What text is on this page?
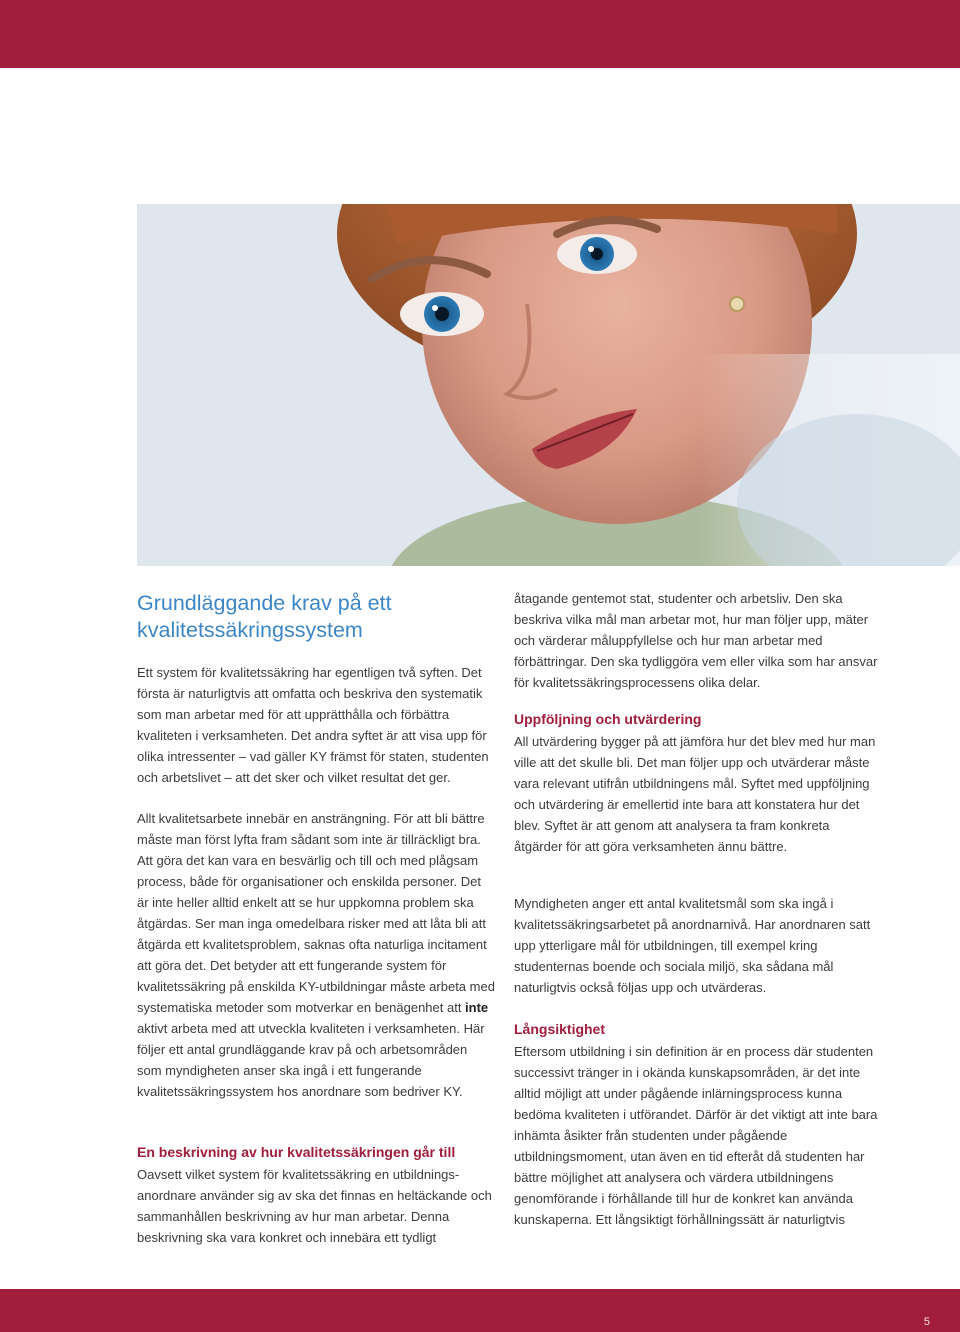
Grundläggande krav på ett kvalitetssäkringssystem

Ett system för kvalitetssäkring har egentligen två syften. Det första är naturligtvis att omfatta och beskriva den systematik som man arbetar med för att upprätthålla och förbättra kvaliteten i verksamheten. Det andra syftet är att visa upp för olika intressenter – vad gäller KY främst för staten, studenten och arbetslivet – att det sker och vilket resultat det ger.

Allt kvalitetsarbete innebär en ansträngning. För att bli bättre måste man först lyfta fram sådant som inte är tillräckligt bra. Att göra det kan vara en besvärlig och till och med plågsam process, både för organisationer och enskilda personer. Det är inte heller alltid enkelt att se hur uppkomna problem ska åtgärdas. Ser man inga omedelbara risker med att låta bli att åtgärda ett kvalitetsproblem, saknas ofta naturliga incitament att göra det. Det betyder att ett fungerande system för kvalitetssäkring på enskilda KY-utbildningar måste arbeta med systematiska metoder som motverkar en benägenhet att inte aktivt arbeta med att utveckla kvaliteten i verksamheten. Här följer ett antal grundläggande krav på och arbetsområden som myndigheten anser ska ingå i ett fungerande kvalitetssäkringssystem hos anordnare som bedriver KY.

En beskrivning av hur kvalitetssäkringen går till

Oavsett vilket system för kvalitetssäkring en utbildnings-anordnare använder sig av ska det finnas en heltäckande och sammanhållen beskrivning av hur man arbetar. Denna beskrivning ska vara konkret och innebära ett tydligt

åtagande gentemot stat, studenter och arbetsliv. Den ska beskriva vilka mål man arbetar mot, hur man följer upp, mäter och värderar måluppfyllelse och hur man arbetar med förbättringar. Den ska tydliggöra vem eller vilka som har ansvar för kvalitetssäkringsprocessens olika delar.

Uppföljning och utvärdering

All utvärdering bygger på att jämföra hur det blev med hur man ville att det skulle bli. Det man följer upp och utvärderar måste vara relevant utifrån utbildningens mål. Syftet med uppföljning och utvärdering är emellertid inte bara att konstatera hur det blev. Syftet är att genom att analysera ta fram konkreta åtgärder för att göra verksamheten ännu bättre.

Myndigheten anger ett antal kvalitetsmål som ska ingå i kvalitetssäkringsarbetet på anordnarnivå. Har anordnaren satt upp ytterligare mål för utbildningen, till exempel kring studenternas boende och sociala miljö, ska sådana mål naturligtvis också följas upp och utvärderas.

Långsiktighet

Eftersom utbildning i sin definition är en process där studenten successivt tränger in i okända kunskapsområden, är det inte alltid möjligt att under pågående inlärningsprocess kunna bedöma kvaliteten i utförandet. Därför är det viktigt att inte bara inhämta åsikter från studenten under pågående utbildningsmoment, utan även en tid efteråt då studenten har bättre möjlighet att analysera och värdera utbildningens genomförande i förhållande till hur de konkret kan använda kunskaperna. Ett långsiktigt förhållningssätt är naturligtvis

5
